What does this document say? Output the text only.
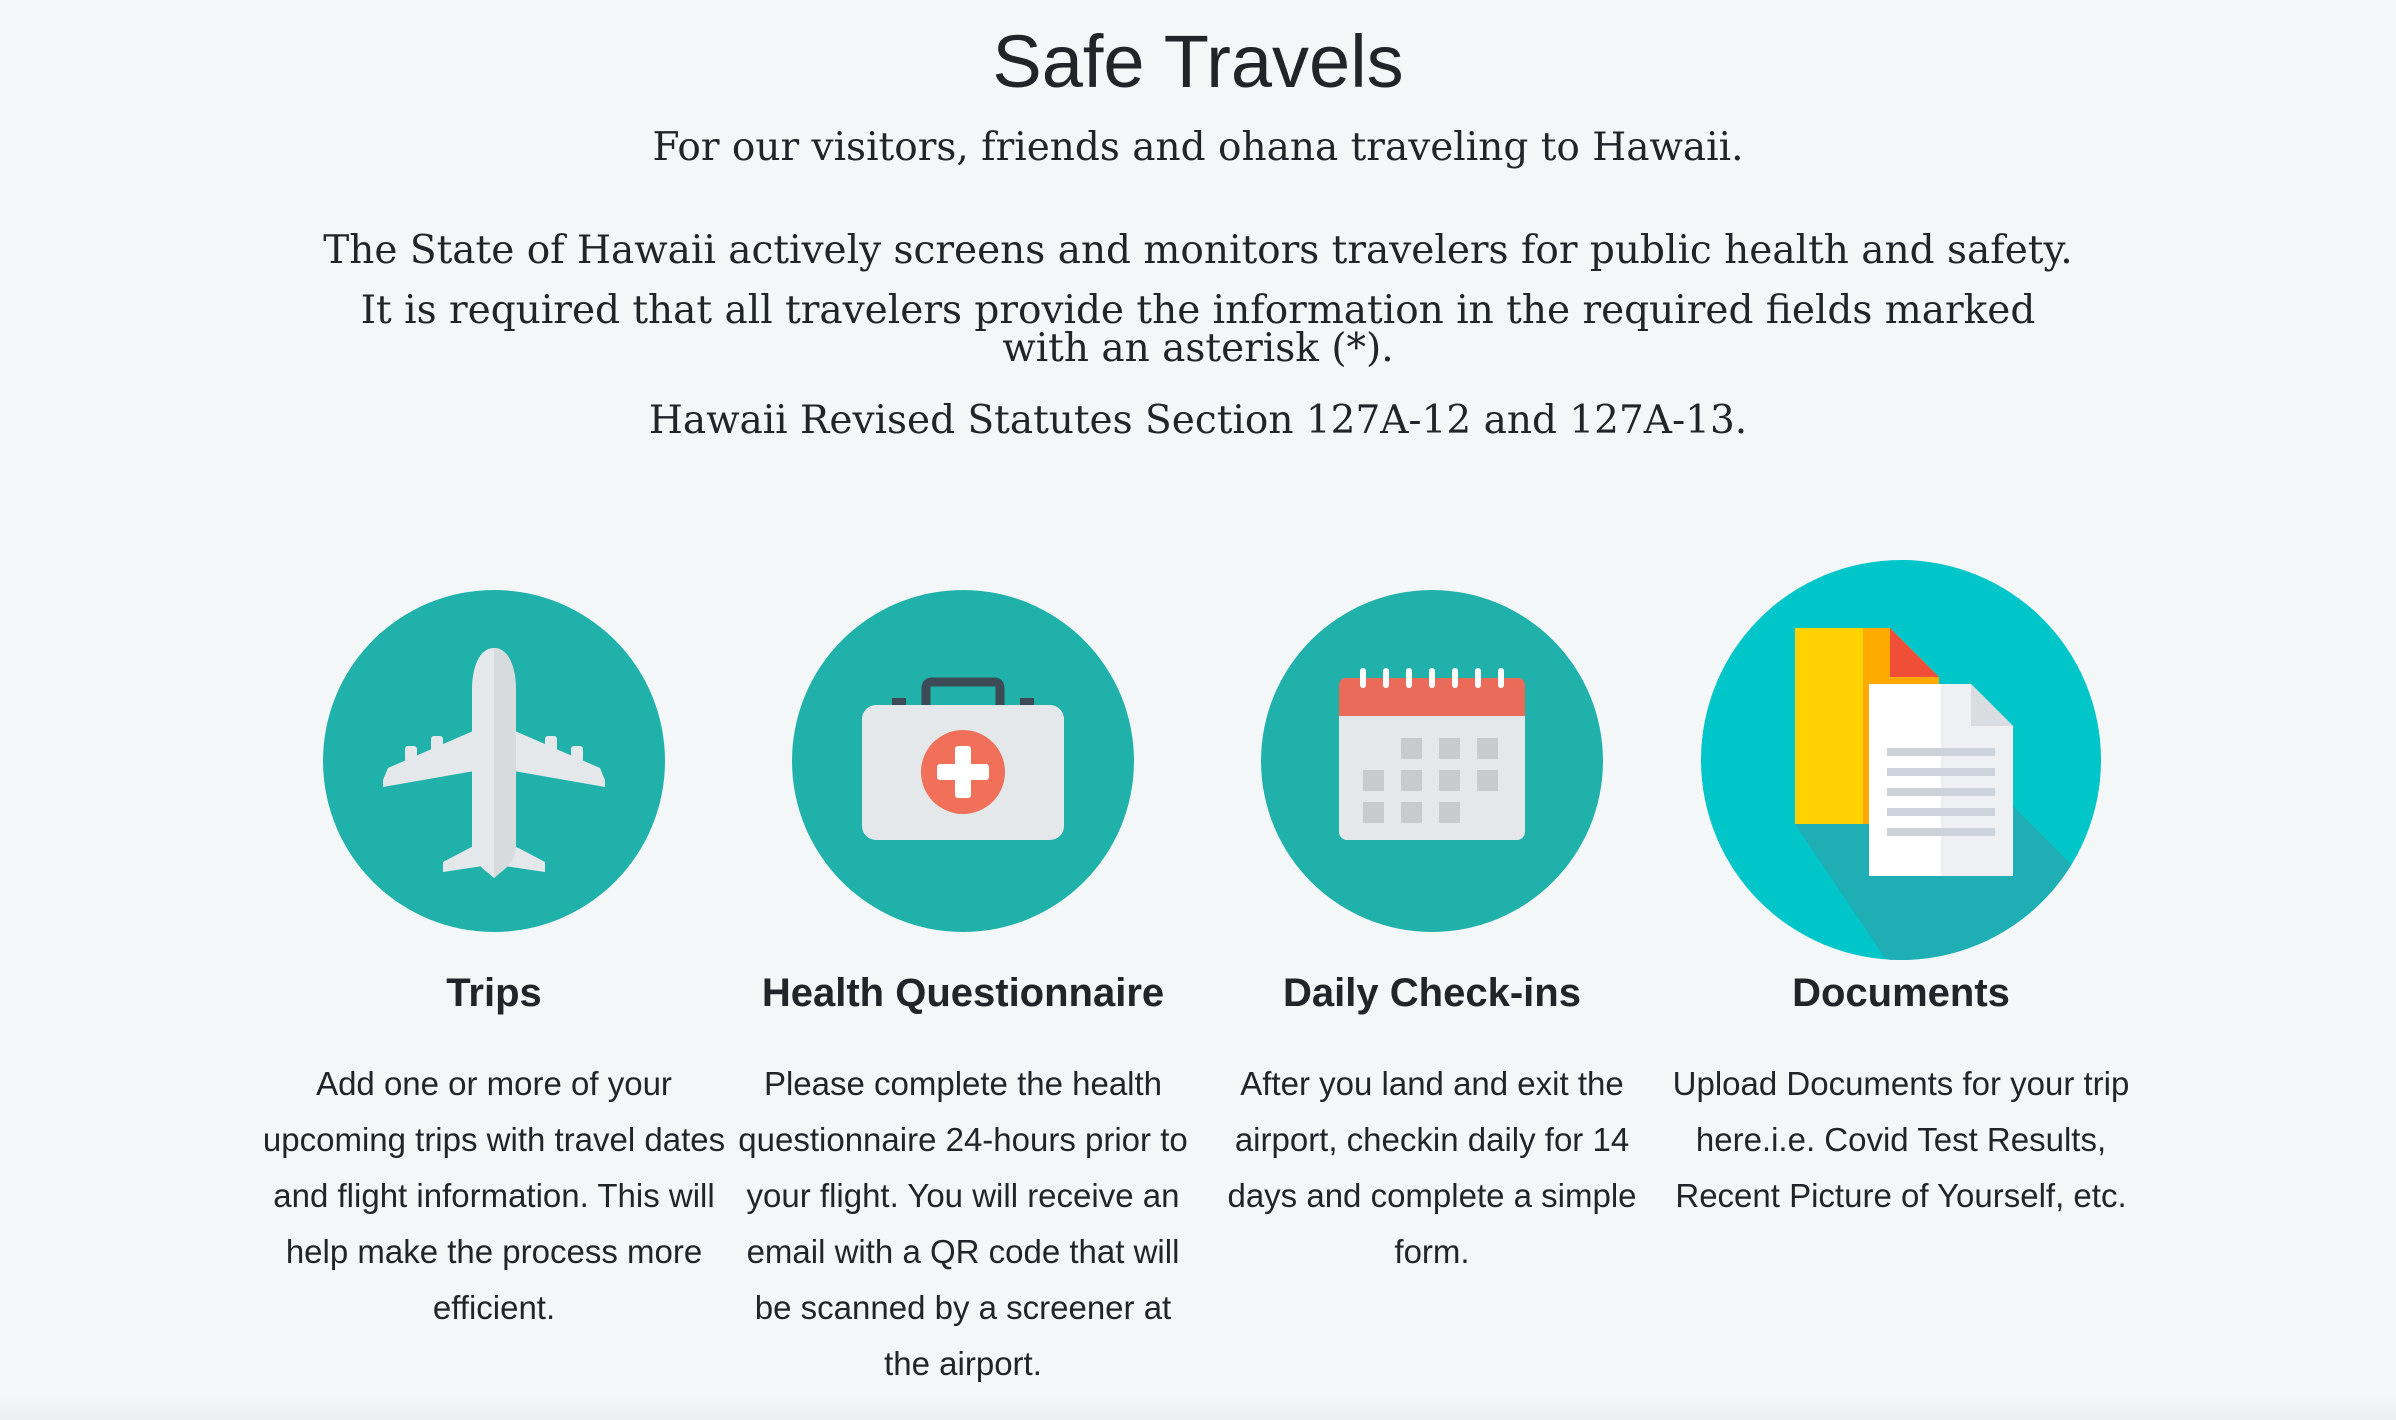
Safe Travels
For our visitors, friends and ohana traveling to Hawaii.
The State of Hawaii actively screens and monitors travelers for public health and safety.
It is required that all travelers provide the information in the required fields marked with an asterisk (*).
Hawaii Revised Statutes Section 127A-12 and 127A-13.
Trips

Add one or more of your upcoming trips with travel dates and flight information. This will help make the process more efficient.

Health Questionnaire

Please complete the health questionnaire 24-hours prior to your flight. You will receive an email with a QR code that will be scanned by a screener at the airport.

Daily Check-ins

After you land and exit the airport, checkin daily for 14 days and complete a simple form.

Documents

Upload Documents for your trip here.i.e. Covid Test Results, Recent Picture of Yourself, etc.
